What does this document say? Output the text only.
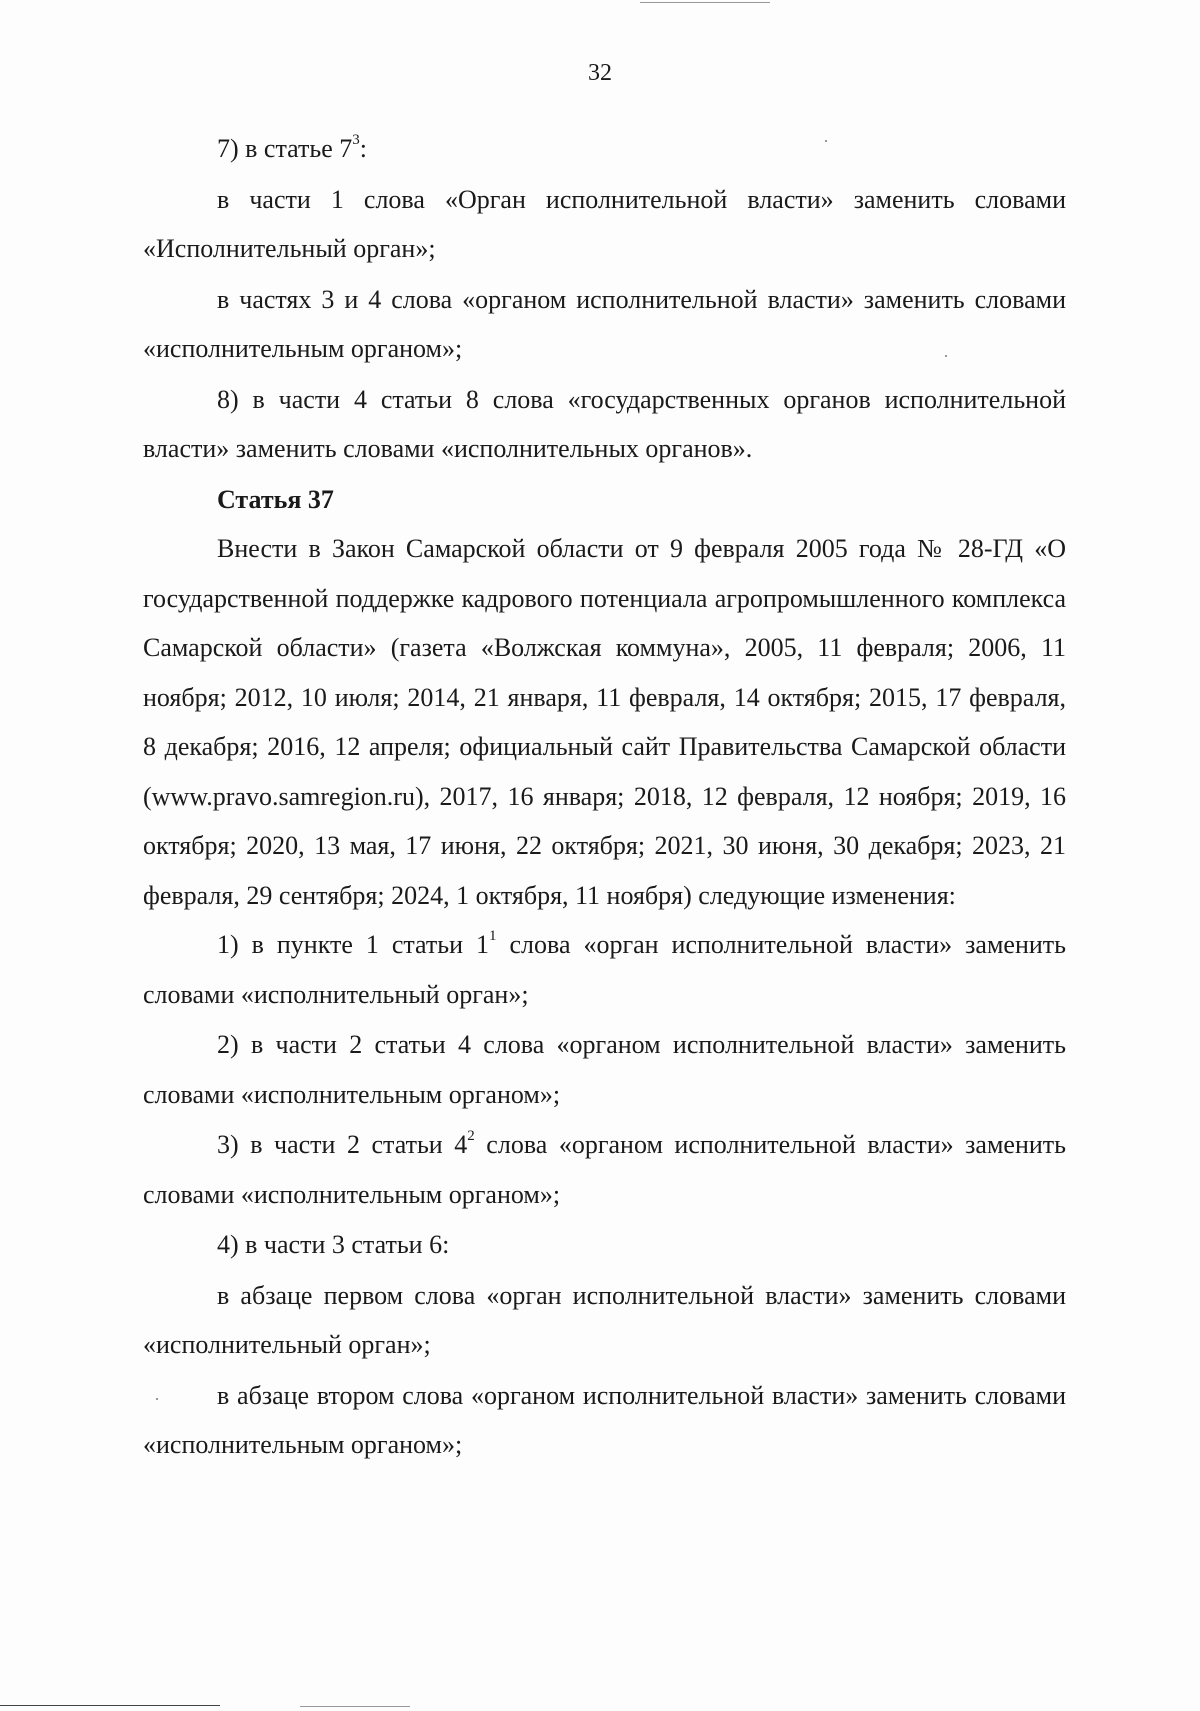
32

7) в статье $7^3$:

в части 1 слова «Орган исполнительной власти» заменить словами «Исполнительный орган»;

в частях 3 и 4 слова «органом исполнительной власти» заменить словами «исполнительным органом»;

8) в части 4 статьи 8 слова «государственных органов исполнительной власти» заменить словами «исполнительных органов».

Статья 37

Внести в Закон Самарской области от 9 февраля 2005 года № 28-ГД «О государственной поддержке кадрового потенциала агропромышленного комплекса Самарской области» (газета «Волжская коммуна», 2005, 11 февраля; 2006, 11 ноября; 2012, 10 июля; 2014, 21 января, 11 февраля, 14 октября; 2015, 17 февраля, 8 декабря; 2016, 12 апреля; официальный сайт Правительства Самарской области (www.pravo.samregion.ru), 2017, 16 января; 2018, 12 февраля, 12 ноября; 2019, 16 октября; 2020, 13 мая, 17 июня, 22 октября; 2021, 30 июня, 30 декабря; 2023, 21 февраля, 29 сентября; 2024, 1 октября, 11 ноября) следующие изменения:

1) в пункте 1 статьи $1^1$ слова «орган исполнительной власти» заменить словами «исполнительный орган»;

2) в части 2 статьи 4 слова «органом исполнительной власти» заменить словами «исполнительным органом»;

3) в части 2 статьи $4^2$ слова «органом исполнительной власти» заменить словами «исполнительным органом»;

4) в части 3 статьи 6:

в абзаце первом слова «орган исполнительной власти» заменить словами «исполнительный орган»;

в абзаце втором слова «органом исполнительной власти» заменить словами «исполнительным органом»;
